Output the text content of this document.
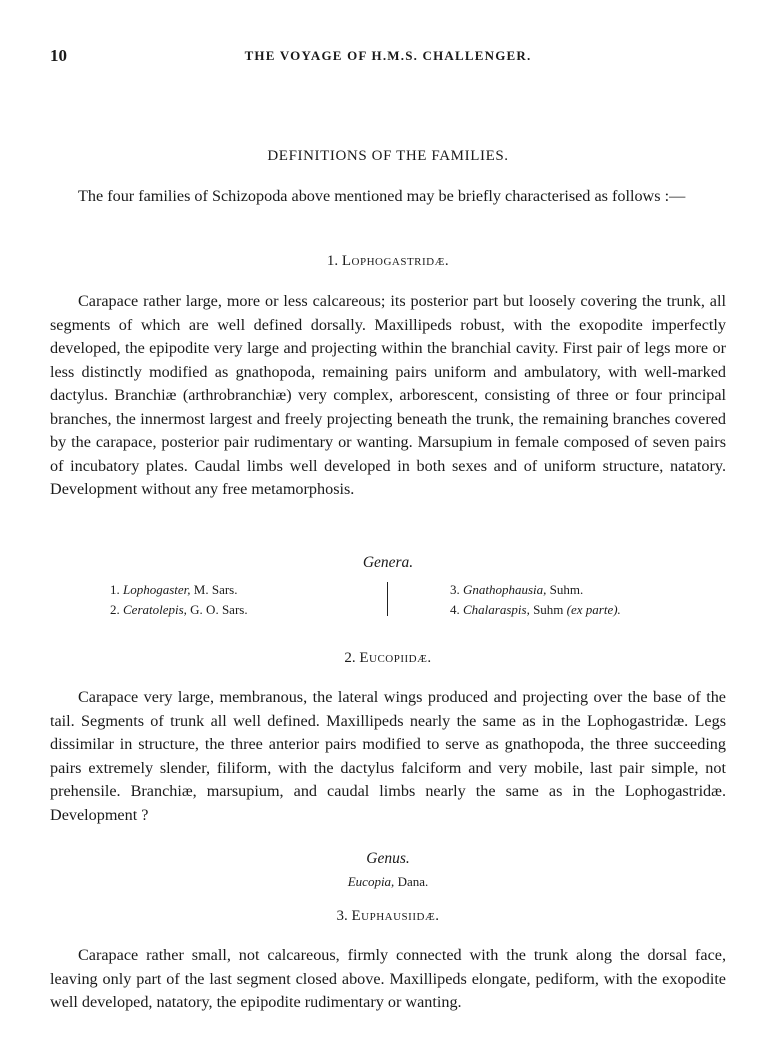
10	THE VOYAGE OF H.M.S. CHALLENGER.
DEFINITIONS OF THE FAMILIES.

The four families of Schizopoda above mentioned may be briefly characterised as follows :—

1. Lophogastridæ.

Carapace rather large, more or less calcareous; its posterior part but loosely covering the trunk, all segments of which are well defined dorsally. Maxillipeds robust, with the exopodite imperfectly developed, the epipodite very large and projecting within the branchial cavity. First pair of legs more or less distinctly modified as gnathopoda, remaining pairs uniform and ambulatory, with well-marked dactylus. Branchiæ (arthrobranchiæ) very complex, arborescent, consisting of three or four principal branches, the innermost largest and freely projecting beneath the trunk, the remaining branches covered by the carapace, posterior pair rudimentary or wanting. Marsupium in female composed of seven pairs of incubatory plates. Caudal limbs well developed in both sexes and of uniform structure, natatory. Development without any free metamorphosis.

Genera.
1. Lophogaster, M. Sars.
2. Ceratolepis, G. O. Sars.
3. Gnathophausia, Suhm.
4. Chalaraspis, Suhm (ex parte).
2. Eucopiidæ.

Carapace very large, membranous, the lateral wings produced and projecting over the base of the tail. Segments of trunk all well defined. Maxillipeds nearly the same as in the Lophogastridæ. Legs dissimilar in structure, the three anterior pairs modified to serve as gnathopoda, the three succeeding pairs extremely slender, filiform, with the dactylus falciform and very mobile, last pair simple, not prehensile. Branchiæ, marsupium, and caudal limbs nearly the same as in the Lophogastridæ. Development ?

Genus.
Eucopia, Dana.
3. Euphausiidæ.

Carapace rather small, not calcareous, firmly connected with the trunk along the dorsal face, leaving only part of the last segment closed above. Maxillipeds elongate, pediform, with the exopodite well developed, natatory, the epipodite rudimentary or wanting.
